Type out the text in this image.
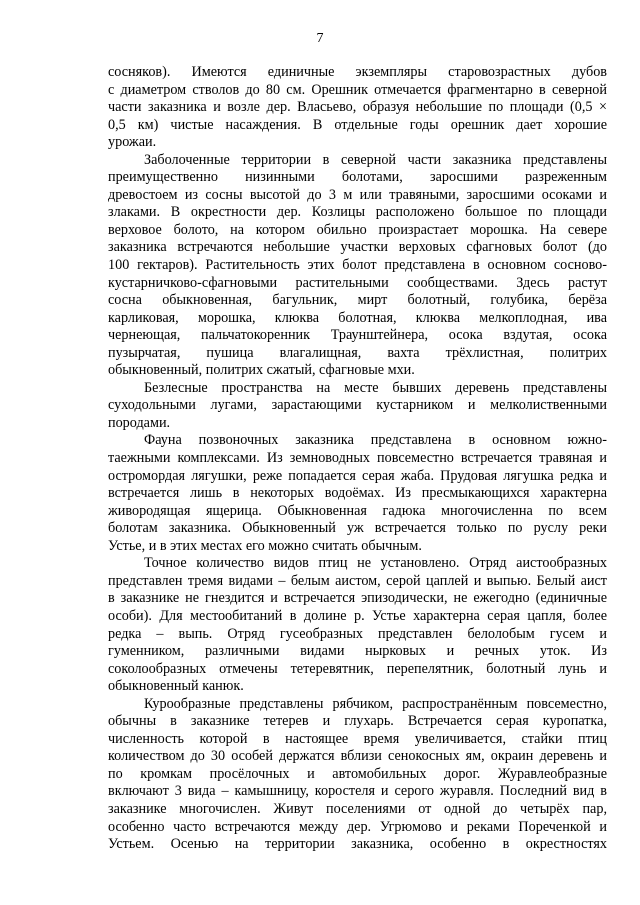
7

сосняков). Имеются единичные экземпляры старовозрастных дубов
с диаметром стволов до 80 см. Орешник отмечается фрагментарно в северной
части заказника и возле дер. Власьево, образуя небольшие по площади (0,5 ×
0,5 км) чистые насаждения. В отдельные годы орешник дает хорошие
урожаи.

Заболоченные территории в северной части заказника представлены
преимущественно низинными болотами, заросшими разреженным
древостоем из сосны высотой до 3 м или травяными, заросшими осоками и
злаками. В окрестности дер. Козлицы расположено большое по площади
верховое болото, на котором обильно произрастает морошка. На севере
заказника встречаются небольшие участки верховых сфагновых болот (до
100 гектаров). Растительность этих болот представлена в основном сосново-
кустарничково-сфагновыми растительными сообществами. Здесь растут
сосна обыкновенная, багульник, мирт болотный, голубика, берёза
карликовая, морошка, клюква болотная, клюква мелкоплодная, ива
чернеющая, пальчатокоренник Траунштейнера, осока вздутая, осока
пузырчатая, пушица влагалищная, вахта трёхлистная, политрих
обыкновенный, политрих сжатый, сфагновые мхи.

Безлесные пространства на месте бывших деревень представлены
суходольными лугами, зарастающими кустарником и мелколиственными
породами.

Фауна позвоночных заказника представлена в основном южно-
таежными комплексами. Из земноводных повсеместно встречается травяная и
остромордая лягушки, реже попадается серая жаба. Прудовая лягушка редка и
встречается лишь в некоторых водоёмах. Из пресмыкающихся характерна
живородящая ящерица. Обыкновенная гадюка многочисленна по всем
болотам заказника. Обыкновенный уж встречается только по руслу реки
Устье, и в этих местах его можно считать обычным.

Точное количество видов птиц не установлено. Отряд аистообразных
представлен тремя видами – белым аистом, серой цаплей и выпью. Белый аист
в заказнике не гнездится и встречается эпизодически, не ежегодно (единичные
особи). Для местообитаний в долине р. Устье характерна серая цапля, более
редка – выпь. Отряд гусеобразных представлен белолобым гусем и
гуменником, различными видами нырковых и речных уток. Из
соколообразных отмечены тетеревятник, перепелятник, болотный лунь и
обыкновенный канюк.

Курообразные представлены рябчиком, распространённым повсеместно,
обычны в заказнике тетерев и глухарь. Встречается серая куропатка,
численность которой в настоящее время увеличивается, стайки птиц
количеством до 30 особей держатся вблизи сенокосных ям, окраин деревень и
по кромкам просёлочных и автомобильных дорог. Журавлеобразные
включают 3 вида – камышницу, коростеля и серого журавля. Последний вид в
заказнике многочислен. Живут поселениями от одной до четырёх пар,
особенно часто встречаются между дер. Угрюмово и реками Пореченкой и
Устьем. Осенью на территории заказника, особенно в окрестностях
